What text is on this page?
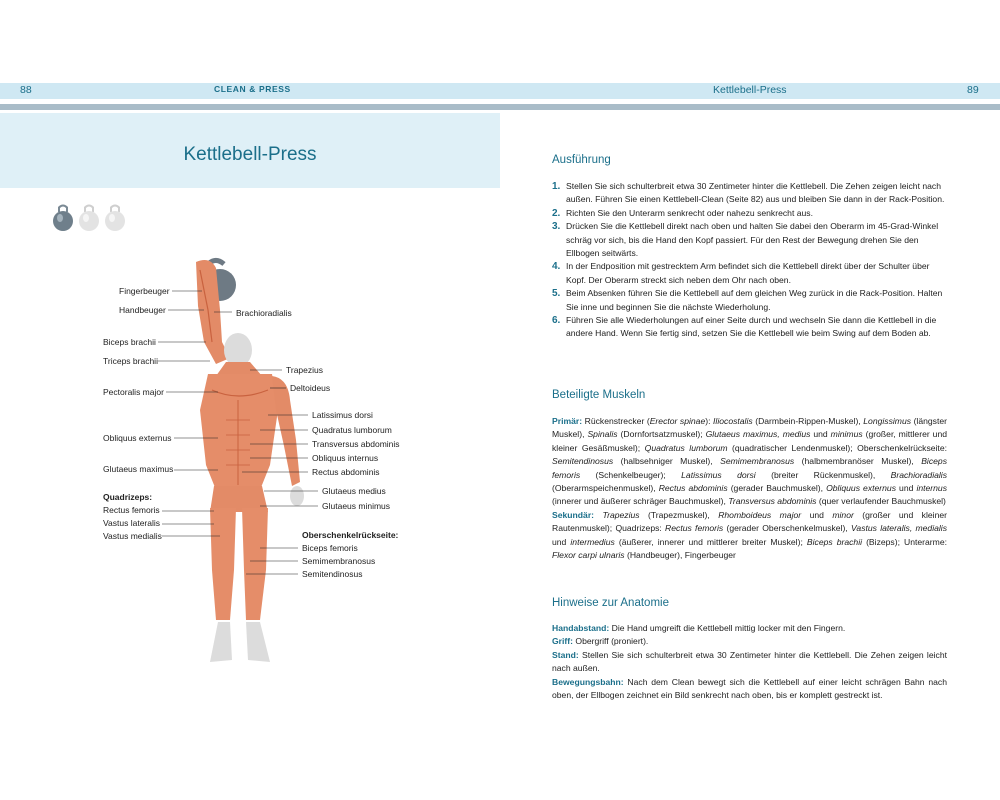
88	CLEAN & PRESS	Kettlebell-Press	89
Kettlebell-Press
Fingerbeuger
Handbeuger
Biceps brachii
Triceps brachii
Pectoralis major
Obliquus externus
Glutaeus maximus
Quadrizeps:
Rectus femoris
Vastus lateralis
Vastus medialis
Brachioradialis
Trapezius
Deltoideus
Latissimus dorsi
Quadratus lumborum
Transversus abdominis
Obliquus internus
Rectus abdominis
Glutaeus medius
Glutaeus minimus
Oberschenkelrückseite:
Biceps femoris
Semimembranosus
Semitendinosus
Ausführung
1. Stellen Sie sich schulterbreit etwa 30 Zentimeter hinter die Kettlebell. Die Zehen zeigen leicht nach außen. Führen Sie einen Kettlebell-Clean (Seite 82) aus und bleiben Sie dann in der Rack-Position.
2. Richten Sie den Unterarm senkrecht oder nahezu senkrecht aus.
3. Drücken Sie die Kettlebell direkt nach oben und halten Sie dabei den Oberarm im 45-Grad-Winkel schräg vor sich, bis die Hand den Kopf passiert. Für den Rest der Bewegung drehen Sie den Ellbogen seitwärts.
4. In der Endposition mit gestrecktem Arm befindet sich die Kettlebell direkt über der Schulter über Kopf. Der Oberarm streckt sich neben dem Ohr nach oben.
5. Beim Absenken führen Sie die Kettlebell auf dem gleichen Weg zurück in die Rack-Position. Halten Sie inne und beginnen Sie die nächste Wiederholung.
6. Führen Sie alle Wiederholungen auf einer Seite durch und wechseln Sie dann die Kettlebell in die andere Hand. Wenn Sie fertig sind, setzen Sie die Kettlebell wie beim Swing auf dem Boden ab.
Beteiligte Muskeln
Primär: Rückenstrecker (Erector spinae): Iliocostalis (Darmbein-Rippen-Muskel), Longissimus (längster Muskel), Spinalis (Dornfortsatzmuskel); Glutaeus maximus, medius und minimus (großer, mittlerer und kleiner Gesäßmuskel); Quadratus lumborum (quadratischer Lendenmuskel); Oberschenkelrückseite: Semitendinosus (halbsehniger Muskel), Semimembranosus (halbmembranöser Muskel), Biceps femoris (Schenkelbeuger); Latissimus dorsi (breiter Rückenmuskel), Brachioradialis (Oberarmspeichenmuskel), Rectus abdominis (gerader Bauchmuskel), Obliquus externus und internus (innerer und äußerer schräger Bauchmuskel), Transversus abdominis (quer verlaufender Bauchmuskel)
Sekundär: Trapezius (Trapezmuskel), Rhomboideus major und minor (großer und kleiner Rautenmuskel); Quadrizeps: Rectus femoris (gerader Oberschenkelmuskel), Vastus lateralis, medialis und intermedius (äußerer, innerer und mittlerer breiter Muskel); Biceps brachii (Bizeps); Unterarme: Flexor carpi ulnaris (Handbeuger), Fingerbeuger
Hinweise zur Anatomie
Handabstand: Die Hand umgreift die Kettlebell mittig locker mit den Fingern.
Griff: Obergriff (proniert).
Stand: Stellen Sie sich schulterbreit etwa 30 Zentimeter hinter die Kettlebell. Die Zehen zeigen leicht nach außen.
Bewegungsbahn: Nach dem Clean bewegt sich die Kettlebell auf einer leicht schrägen Bahn nach oben, der Ellbogen zeichnet ein Bild senkrecht nach oben, bis er komplett gestreckt ist.
